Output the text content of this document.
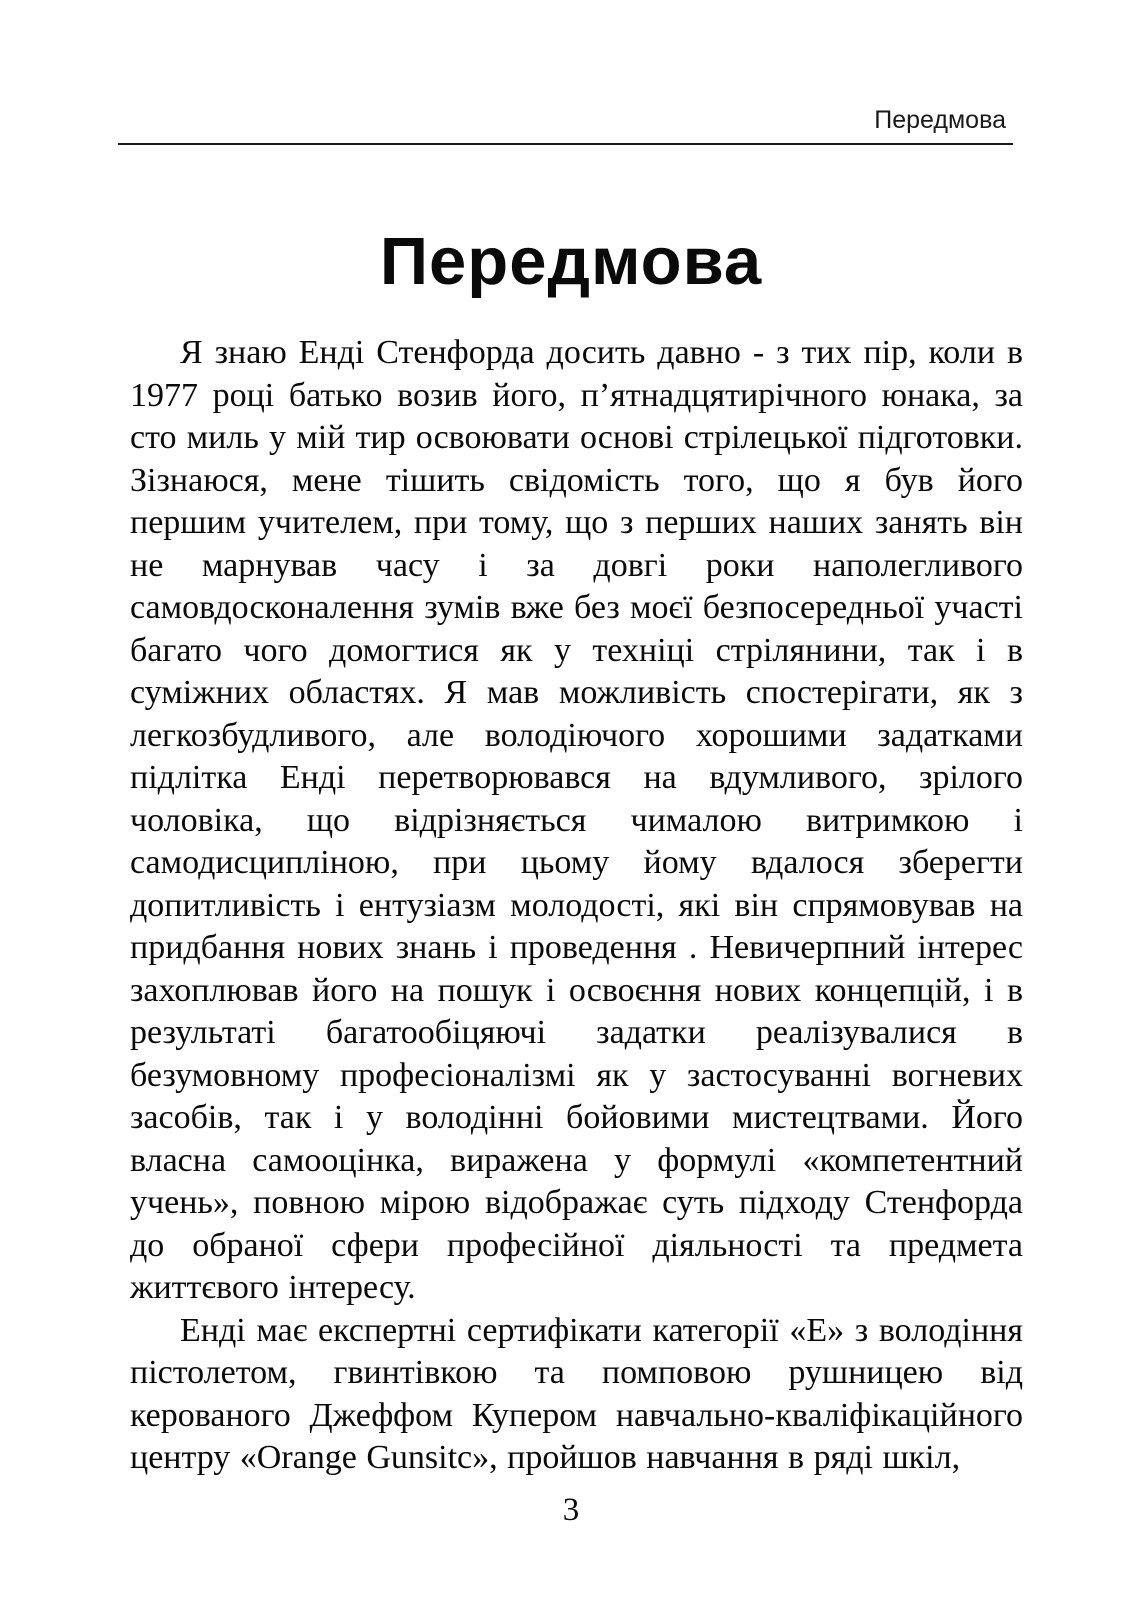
Передмова
Передмова

Я знаю Енді Стенфорда досить давно - з тих пір, коли в 1977 році батько возив його, п’ятнадцятирічного юнака, за сто миль у мій тир освоювати основі стрілецької підготовки. Зізнаюся, мене тішить свідомість того, що я був його першим учителем, при тому, що з перших наших занять він не марнував часу і за довгі роки наполегливого самовдосконалення зумів вже без моєї безпосередньої участі багато чого домогтися як у техніці стрілянини, так і в суміжних областях. Я мав можливість спостерігати, як з легкозбудливого, але володіючого хорошими задатками підлітка Енді перетворювався на вдумливого, зрілого чоловіка, що відрізняється чималою витримкою і самодисципліною, при цьому йому вдалося зберегти допитливість і ентузіазм молодості, які він спрямовував на придбання нових знань і проведення . Невичерпний інтерес захоплював його на пошук і освоєння нових концепцій, і в результаті багатообіцяючі задатки реалізувалися в безумовному професіоналізмі як у застосуванні вогневих засобів, так і у володінні бойовими мистецтвами. Його власна самооцінка, виражена у формулі «компетентний учень», повною мірою відображає суть підходу Стенфорда до обраної сфери професійної діяльності та предмета життєвого інтересу.

Енді має експертні сертифікати категорії «Е» з володіння пістолетом, гвинтівкою та помповою рушницею від керованого Джеффом Купером навчально-кваліфікаційного центру «Orange Gunsitc», пройшов навчання в ряді шкіл,

3
